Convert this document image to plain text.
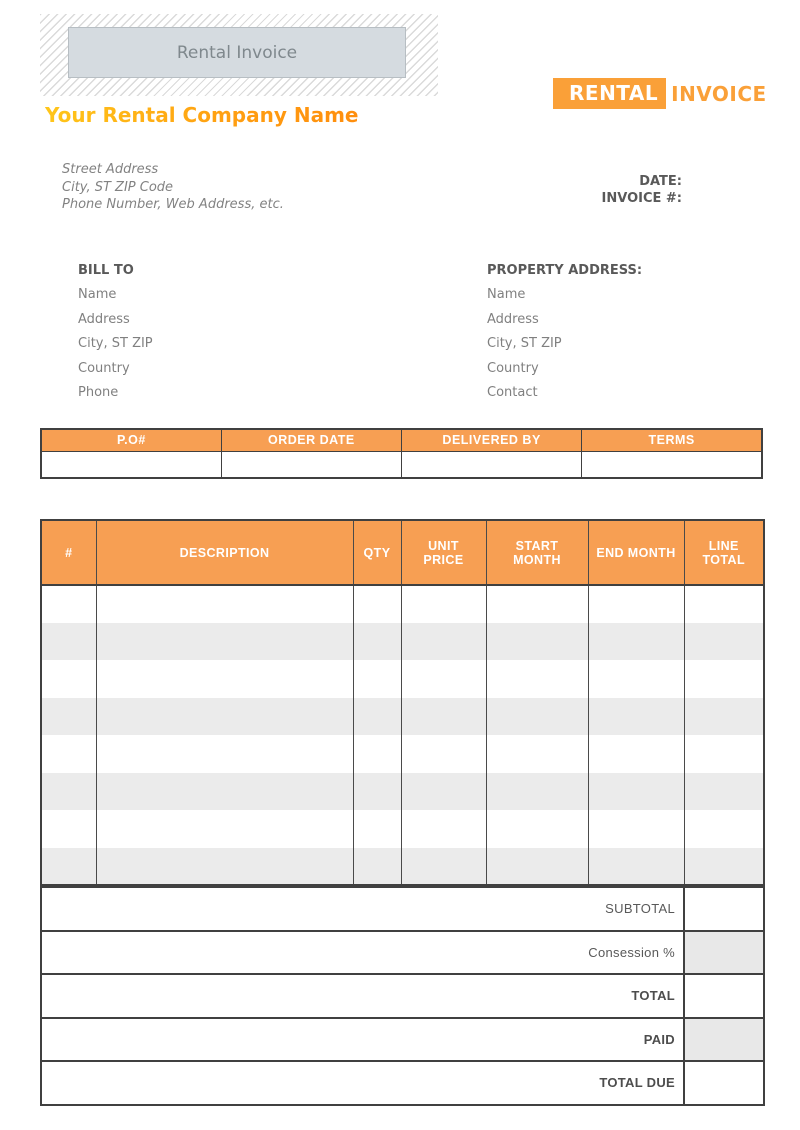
Rental Invoice
RENTAL INVOICE
Your Rental Company Name
Street Address
City, ST ZIP Code
Phone Number, Web Address, etc.
DATE:
INVOICE #:
BILL TO
Name
Address
City, ST ZIP
Country
Phone
PROPERTY ADDRESS:
Name
Address
City, ST ZIP
Country
Contact
P.O#	ORDER DATE	DELIVERED BY	TERMS

#	DESCRIPTION	QTY	UNIT PRICE	START MONTH	END MONTH	LINE TOTAL

SUBTOTAL	
Consession %	
TOTAL	
PAID	
TOTAL DUE	
